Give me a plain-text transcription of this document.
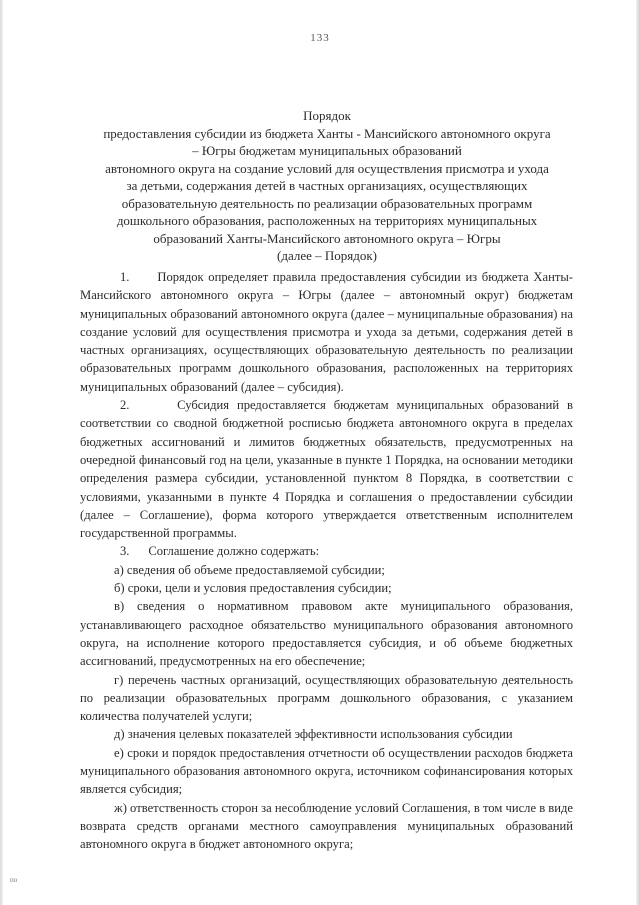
133
Порядок
предоставления субсидии из бюджета Ханты - Мансийского автономного округа
– Югры бюджетам муниципальных образований
автономного округа на создание условий для осуществления присмотра и ухода
за детьми, содержания детей в частных организациях, осуществляющих
образовательную деятельность по реализации образовательных программ
дошкольного образования, расположенных на территориях муниципальных
образований Ханты-Мансийского автономного округа – Югры
(далее – Порядок)

1.      Порядок определяет правила предоставления субсидии из бюджета Ханты-Мансийского автономного округа – Югры (далее – автономный округ) бюджетам муниципальных образований автономного округа (далее – муниципальные образования) на создание условий для осуществления присмотра и ухода за детьми, содержания детей в частных организациях, осуществляющих образовательную деятельность по реализации образовательных программ дошкольного образования, расположенных на территориях муниципальных образований (далее – субсидия).

2.      Субсидия предоставляется бюджетам муниципальных образований в соответствии со сводной бюджетной росписью бюджета автономного округа в пределах бюджетных ассигнований и лимитов бюджетных обязательств, предусмотренных на очередной финансовый год на цели, указанные в пункте 1 Порядка, на основании методики определения размера субсидии, установленной пунктом 8 Порядка, в соответствии с условиями, указанными в пункте 4 Порядка и соглашения о предоставлении субсидии (далее – Соглашение), форма которого утверждается ответственным исполнителем государственной программы.

3.      Соглашение должно содержать:

а) сведения об объеме предоставляемой субсидии;

б) сроки, цели и условия предоставления субсидии;

в) сведения о нормативном правовом акте муниципального образования, устанавливающего расходное обязательство муниципального образования автономного округа, на исполнение которого предоставляется субсидия, и об объеме бюджетных ассигнований, предусмотренных на его обеспечение;

г) перечень частных организаций, осуществляющих образовательную деятельность по реализации образовательных программ дошкольного образования, с указанием количества получателей услуги;

д) значения целевых показателей эффективности использования субсидии

е) сроки и порядок предоставления отчетности об осуществлении расходов бюджета муниципального образования автономного округа, источником софинансирования которых является субсидия;

ж) ответственность сторон за несоблюдение условий Соглашения, в том числе в виде возврата средств органами местного самоуправления муниципальных образований автономного округа в бюджет автономного округа;

по
